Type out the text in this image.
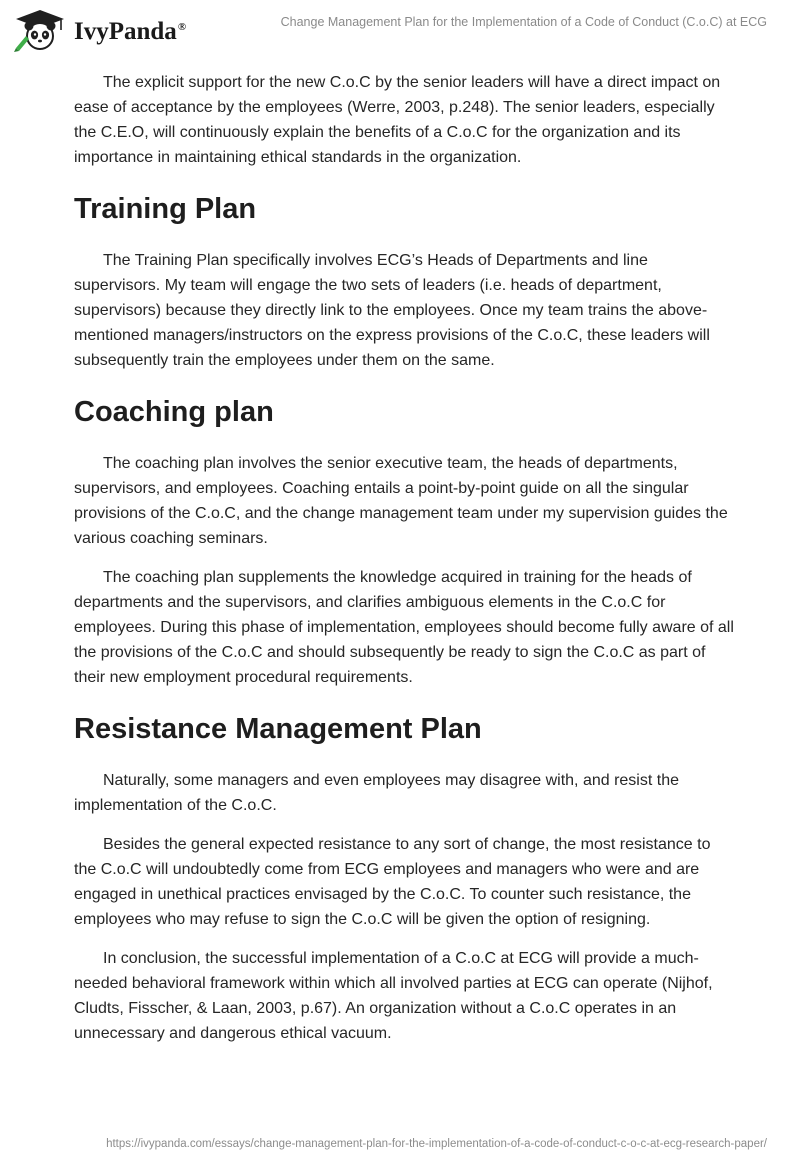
IvyPanda®	Change Management Plan for the Implementation of a Code of Conduct (C.o.C) at ECG

The explicit support for the new C.o.C by the senior leaders will have a direct impact on ease of acceptance by the employees (Werre, 2003, p.248). The senior leaders, especially the C.E.O, will continuously explain the benefits of a C.o.C for the organization and its importance in maintaining ethical standards in the organization.

Training Plan

The Training Plan specifically involves ECG’s Heads of Departments and line supervisors. My team will engage the two sets of leaders (i.e. heads of department, supervisors) because they directly link to the employees. Once my team trains the above-mentioned managers/instructors on the express provisions of the C.o.C, these leaders will subsequently train the employees under them on the same.

Coaching plan

The coaching plan involves the senior executive team, the heads of departments, supervisors, and employees. Coaching entails a point-by-point guide on all the singular provisions of the C.o.C, and the change management team under my supervision guides the various coaching seminars.

The coaching plan supplements the knowledge acquired in training for the heads of departments and the supervisors, and clarifies ambiguous elements in the C.o.C for employees. During this phase of implementation, employees should become fully aware of all the provisions of the C.o.C and should subsequently be ready to sign the C.o.C as part of their new employment procedural requirements.

Resistance Management Plan

Naturally, some managers and even employees may disagree with, and resist the implementation of the C.o.C.

Besides the general expected resistance to any sort of change, the most resistance to the C.o.C will undoubtedly come from ECG employees and managers who were and are engaged in unethical practices envisaged by the C.o.C. To counter such resistance, the employees who may refuse to sign the C.o.C will be given the option of resigning.

In conclusion, the successful implementation of a C.o.C at ECG will provide a much-needed behavioral framework within which all involved parties at ECG can operate (Nijhof, Cludts, Fisscher, & Laan, 2003, p.67). An organization without a C.o.C operates in an unnecessary and dangerous ethical vacuum.

https://ivypanda.com/essays/change-management-plan-for-the-implementation-of-a-code-of-conduct-c-o-c-at-ecg-research-paper/
